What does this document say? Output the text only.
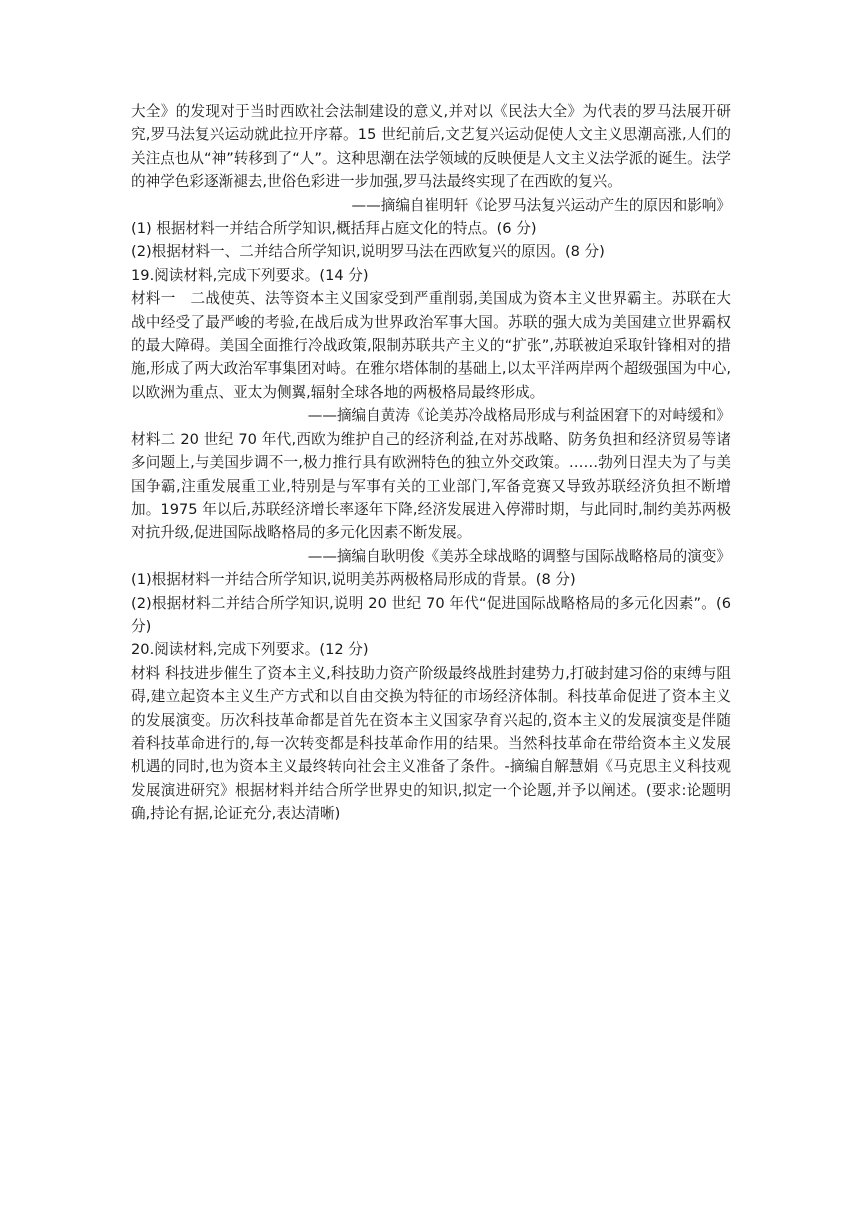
大全》的发现对于当时西欧社会法制建设的意义,并对以《民法大全》为代表的罗马法展开研究,罗马法复兴运动就此拉开序幕。15 世纪前后,文艺复兴运动促使人文主义思潮高涨,人们的关注点也从“神”转移到了“人”。这种思潮在法学领域的反映便是人文主义法学派的诞生。法学的神学色彩逐渐褪去,世俗色彩进一步加强,罗马法最终实现了在西欧的复兴。

——摘编自崔明轩《论罗马法复兴运动产生的原因和影响》

(1) 根据材料一并结合所学知识,概括拜占庭文化的特点。(6 分)

(2)根据材料一、二并结合所学知识,说明罗马法在西欧复兴的原因。(8 分)

19.阅读材料,完成下列要求。(14 分)

材料一　二战使英、法等资本主义国家受到严重削弱,美国成为资本主义世界霸主。苏联在大战中经受了最严峻的考验,在战后成为世界政治军事大国。苏联的强大成为美国建立世界霸权的最大障碍。美国全面推行冷战政策,限制苏联共产主义的“扩张”,苏联被迫采取针锋相对的措施,形成了两大政治军事集团对峙。在雅尔塔体制的基础上,以太平洋两岸两个超级强国为中心,以欧洲为重点、亚太为侧翼,辐射全球各地的两极格局最终形成。

——摘编自黄涛《论美苏冷战格局形成与利益困窘下的对峙缓和》

材料二 20 世纪 70 年代,西欧为维护自己的经济利益,在对苏战略、防务负担和经济贸易等诸多问题上,与美国步调不一,极力推行具有欧洲特色的独立外交政策。……勃列日涅夫为了与美国争霸,注重发展重工业,特别是与军事有关的工业部门,军备竞赛又导致苏联经济负担不断增加。1975 年以后,苏联经济增长率逐年下降,经济发展进入停滞时期，与此同时,制约美苏两极对抗升级,促进国际战略格局的多元化因素不断发展。

——摘编自耿明俊《美苏全球战略的调整与国际战略格局的演变》

(1)根据材料一并结合所学知识,说明美苏两极格局形成的背景。(8 分)

(2)根据材料二并结合所学知识,说明 20 世纪 70 年代“促进国际战略格局的多元化因素”。(6 分)

20.阅读材料,完成下列要求。(12 分)

材料 科技进步催生了资本主义,科技助力资产阶级最终战胜封建势力,打破封建习俗的束缚与阻碍,建立起资本主义生产方式和以自由交换为特征的市场经济体制。科技革命促进了资本主义的发展演变。历次科技革命都是首先在资本主义国家孕育兴起的,资本主义的发展演变是伴随着科技革命进行的,每一次转变都是科技革命作用的结果。当然科技革命在带给资本主义发展机遇的同时,也为资本主义最终转向社会主义准备了条件。-摘编自解慧娟《马克思主义科技观发展演进研究》根据材料并结合所学世界史的知识,拟定一个论题,并予以阐述。(要求:论题明确,持论有据,论证充分,表达清晰)
